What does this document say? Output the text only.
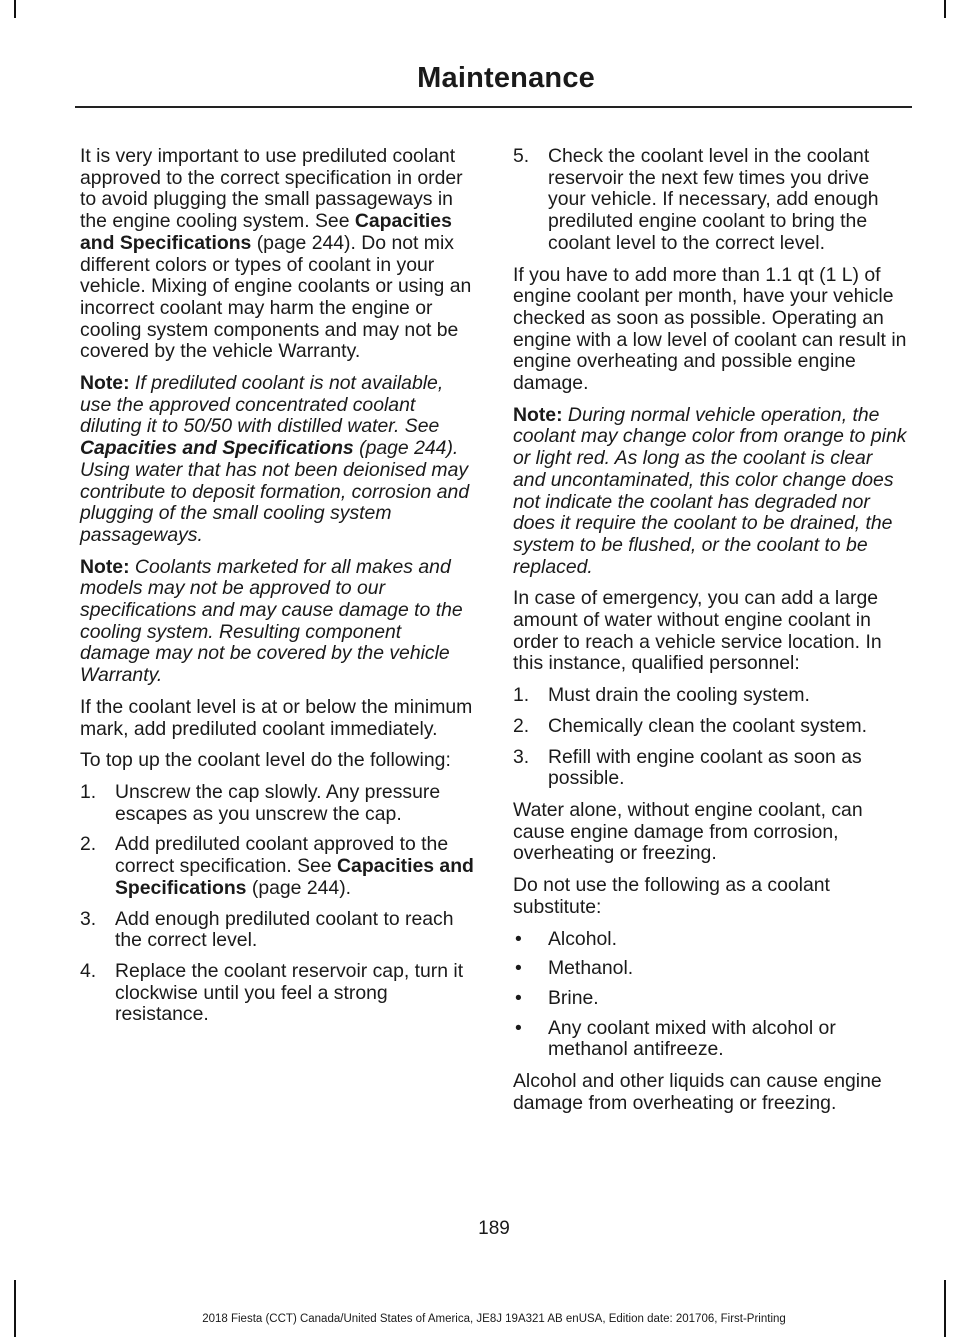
Maintenance

It is very important to use prediluted coolant approved to the correct specification in order to avoid plugging the small passageways in the engine cooling system. See Capacities and Specifications (page 244). Do not mix different colors or types of coolant in your vehicle. Mixing of engine coolants or using an incorrect coolant may harm the engine or cooling system components and may not be covered by the vehicle Warranty.

Note: If prediluted coolant is not available, use the approved concentrated coolant diluting it to 50/50 with distilled water. See Capacities and Specifications (page 244). Using water that has not been deionised may contribute to deposit formation, corrosion and plugging of the small cooling system passageways.

Note: Coolants marketed for all makes and models may not be approved to our specifications and may cause damage to the cooling system. Resulting component damage may not be covered by the vehicle Warranty.

If the coolant level is at or below the minimum mark, add prediluted coolant immediately.

To top up the coolant level do the following:

1. Unscrew the cap slowly. Any pressure escapes as you unscrew the cap.
2. Add prediluted coolant approved to the correct specification. See Capacities and Specifications (page 244).
3. Add enough prediluted coolant to reach the correct level.
4. Replace the coolant reservoir cap, turn it clockwise until you feel a strong resistance.
5. Check the coolant level in the coolant reservoir the next few times you drive your vehicle. If necessary, add enough prediluted engine coolant to bring the coolant level to the correct level.

If you have to add more than 1.1 qt (1 L) of engine coolant per month, have your vehicle checked as soon as possible. Operating an engine with a low level of coolant can result in engine overheating and possible engine damage.

Note: During normal vehicle operation, the coolant may change color from orange to pink or light red. As long as the coolant is clear and uncontaminated, this color change does not indicate the coolant has degraded nor does it require the coolant to be drained, the system to be flushed, or the coolant to be replaced.

In case of emergency, you can add a large amount of water without engine coolant in order to reach a vehicle service location. In this instance, qualified personnel:

1. Must drain the cooling system.
2. Chemically clean the coolant system.
3. Refill with engine coolant as soon as possible.

Water alone, without engine coolant, can cause engine damage from corrosion, overheating or freezing.

Do not use the following as a coolant substitute:

• Alcohol.
• Methanol.
• Brine.
• Any coolant mixed with alcohol or methanol antifreeze.

Alcohol and other liquids can cause engine damage from overheating or freezing.

189
2018 Fiesta (CCT) Canada/United States of America, JE8J 19A321 AB enUSA, Edition date: 201706, First-Printing
